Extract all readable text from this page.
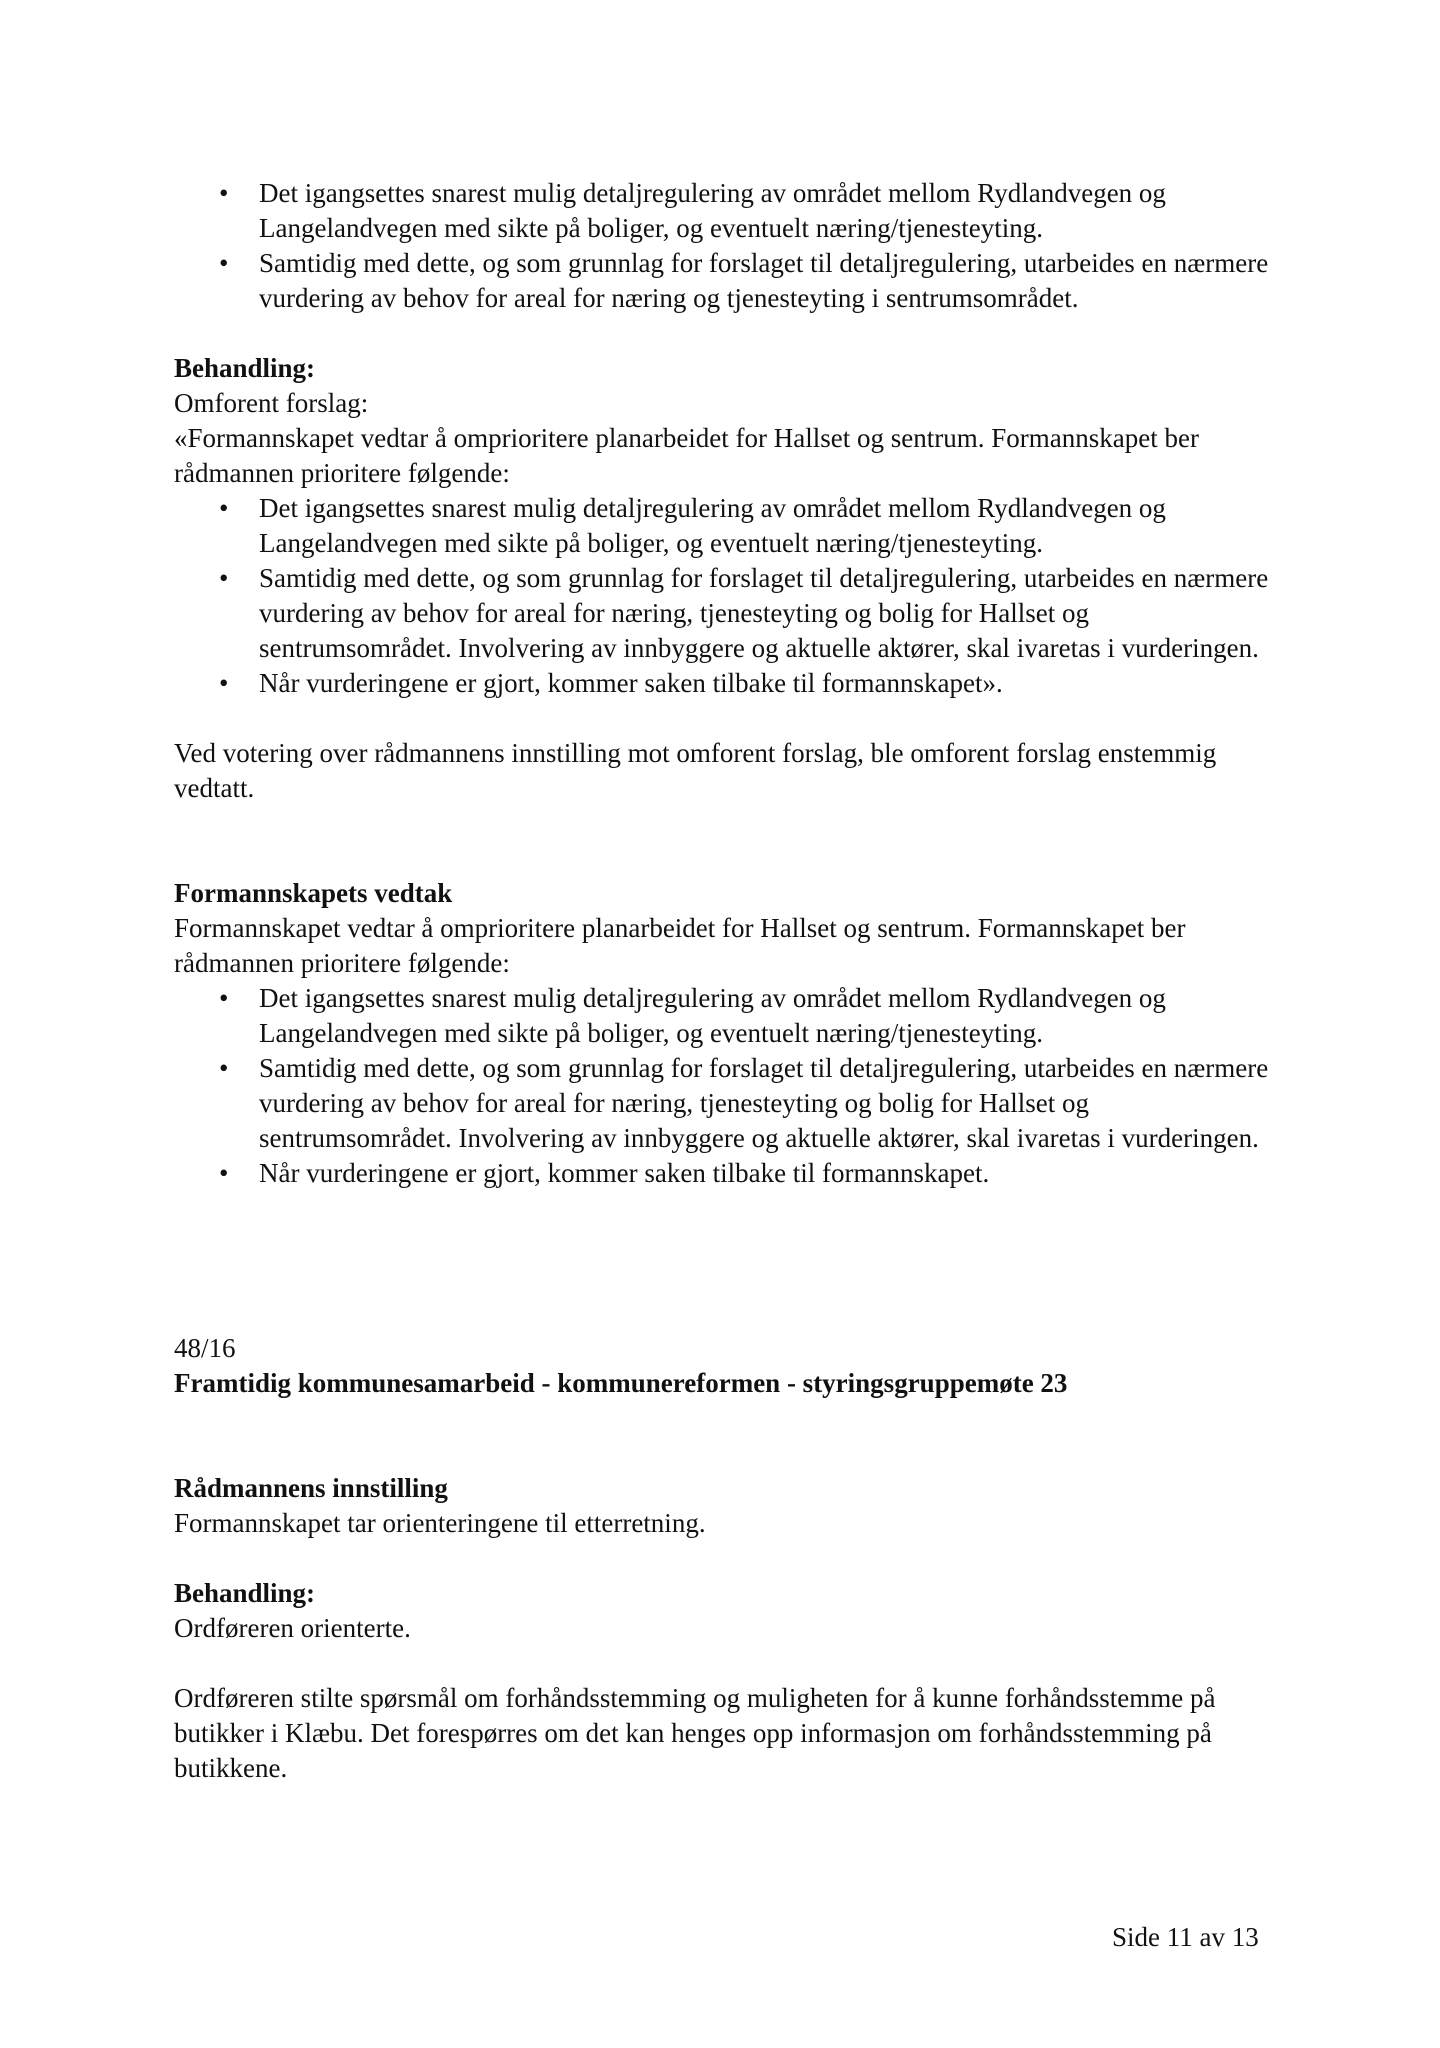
• Det igangsettes snarest mulig detaljregulering av området mellom Rydlandvegen og Langelandvegen med sikte på boliger, og eventuelt næring/tjenesteyting.
• Samtidig med dette, og som grunnlag for forslaget til detaljregulering, utarbeides en nærmere vurdering av behov for areal for næring og tjenesteyting i sentrumsområdet.

Behandling:

Omforent forslag:

«Formannskapet vedtar å omprioritere planarbeidet for Hallset og sentrum. Formannskapet ber rådmannen prioritere følgende:

• Det igangsettes snarest mulig detaljregulering av området mellom Rydlandvegen og Langelandvegen med sikte på boliger, og eventuelt næring/tjenesteyting.
• Samtidig med dette, og som grunnlag for forslaget til detaljregulering, utarbeides en nærmere vurdering av behov for areal for næring, tjenesteyting og bolig for Hallset og sentrumsområdet. Involvering av innbyggere og aktuelle aktører, skal ivaretas i vurderingen.
• Når vurderingene er gjort, kommer saken tilbake til formannskapet».

Ved votering over rådmannens innstilling mot omforent forslag, ble omforent forslag enstemmig vedtatt.

Formannskapets vedtak

Formannskapet vedtar å omprioritere planarbeidet for Hallset og sentrum. Formannskapet ber rådmannen prioritere følgende:

• Det igangsettes snarest mulig detaljregulering av området mellom Rydlandvegen og Langelandvegen med sikte på boliger, og eventuelt næring/tjenesteyting.
• Samtidig med dette, og som grunnlag for forslaget til detaljregulering, utarbeides en nærmere vurdering av behov for areal for næring, tjenesteyting og bolig for Hallset og sentrumsområdet. Involvering av innbyggere og aktuelle aktører, skal ivaretas i vurderingen.
• Når vurderingene er gjort, kommer saken tilbake til formannskapet.

48/16

Framtidig kommunesamarbeid - kommunereformen - styringsgruppemøte 23

Rådmannens innstilling

Formannskapet tar orienteringene til etterretning.

Behandling:

Ordføreren orienterte.

Ordføreren stilte spørsmål om forhåndsstemming og muligheten for å kunne forhåndsstemme på butikker i Klæbu. Det forespørres om det kan henges opp informasjon om forhåndsstemming på butikkene.

Side 11 av 13
